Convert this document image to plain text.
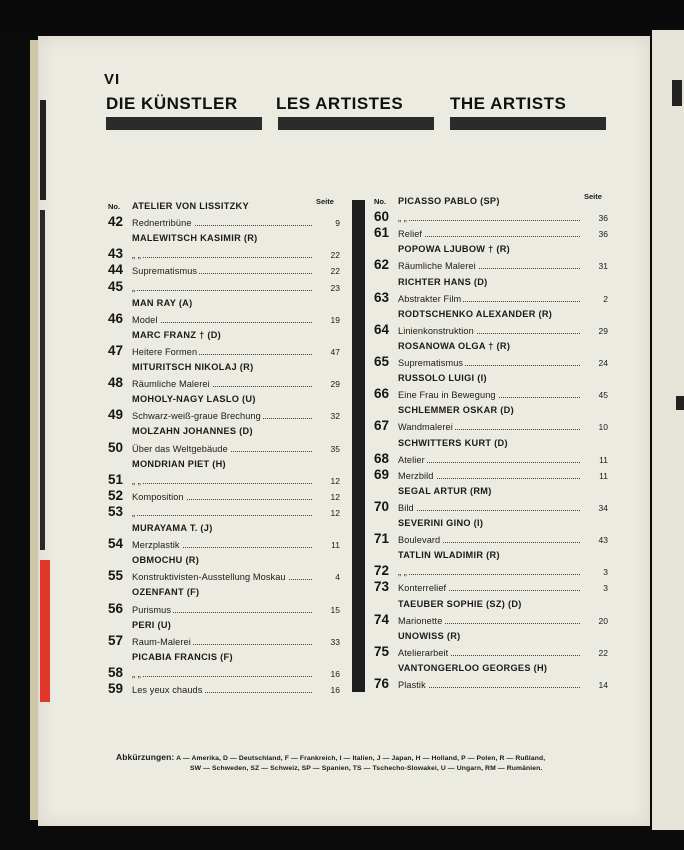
VI
DIE KÜNSTLER LES ARTISTES	THE ARTISTS
No.
Seite
ATELIER VON LISSITZKY
42 Rednertribüne	9
MALEWITSCH KASIMIR (R)
43 „ „	22
44 Suprematismus	22
45 „	23
MAN RAY (A)
46 Model	19
MARC FRANZ † (D)
47 Heitere Formen	47
MITURITSCH NIKOLAJ (R)
48 Räumliche Malerei	29
MOHOLY-NAGY LASLO (U)
49 Schwarz-weiß-graue Brechung	32
MOLZAHN JOHANNES (D)
50 Über das Weltgebäude	35
MONDRIAN PIET (H)
51 „ „	12
52 Komposition	12
53 „	12
MURAYAMA T. (J)
54 Merzplastik	11
OBMOCHU (R)
55 Konstruktivisten-Ausstellung Moskau	4
OZENFANT (F)
56 Purismus	15
PERI (U)
57 Raum-Malerei	33
PICABIA FRANCIS (F)
58 „ „	16
59 Les yeux chauds	16
No.
Seite
PICASSO PABLO (SP)
60 „ „	36
61 Relief	36
POPOWA LJUBOW † (R)
62 Räumliche Malerei	31
RICHTER HANS (D)
63 Abstrakter Film	2
RODTSCHENKO ALEXANDER (R)
64 Linienkonstruktion	29
ROSANOWA OLGA † (R)
65 Suprematismus	24
RUSSOLO LUIGI (I)
66 Eine Frau in Bewegung	45
SCHLEMMER OSKAR (D)
67 Wandmalerei	10
SCHWITTERS KURT (D)
68 Atelier	11
69 Merzbild	11
SEGAL ARTUR (RM)
70 Bild	34
SEVERINI GINO (I)
71 Boulevard	43
TATLIN WLADIMIR (R)
72 „ „	3
73 Konterrelief	3
TAEUBER SOPHIE (SZ) (D)
74 Marionette	20
UNOWISS (R)
75 Atelierarbeit	22
VANTONGERLOO GEORGES (H)
76 Plastik	14
Abkürzungen: A — Amerika, D — Deutschland, F — Frankreich, I — Italien, J — Japan, H — Holland, P — Polen, R — Rußland,
SW — Schweden, SZ — Schweiz, SP — Spanien, TS — Tschecho-Slowakei, U — Ungarn, RM — Rumänien.
